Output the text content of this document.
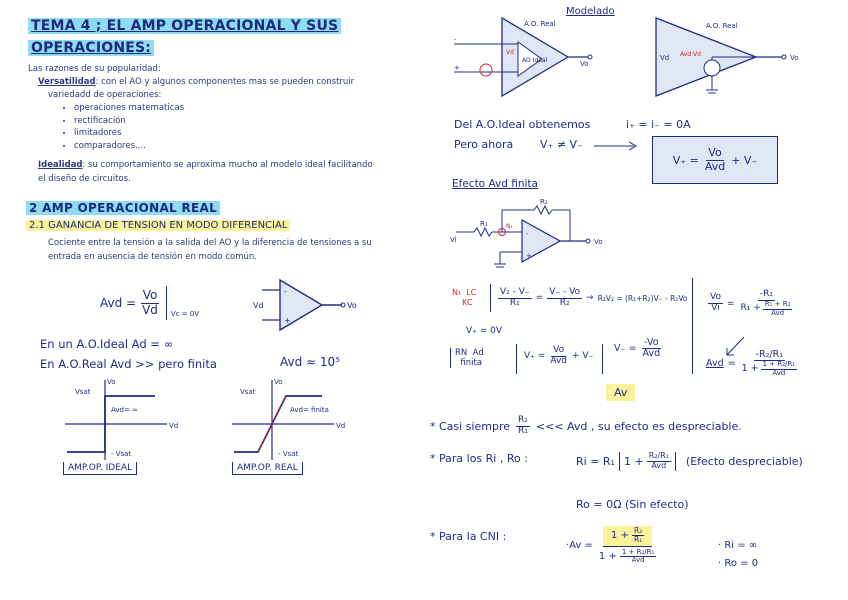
TEMA 4 ; EL AMP OPERACIONAL Y SUS
OPERACIONES:
Las razones de su popularidad:
Versatilidad: con el AO y algunos componentes mas se pueden construir
variedadd de operaciones:
• operaciones matematicas
• rectificación
• limitadores
• comparadores....
Idealidad: su comportamiento se aproxima mucho al modelo ideal facilitando
el diseño de circuitos.
2 AMP OPERACIONAL REAL
2.1 GANANCIA DE TENSION EN MODO DIFERENCIAL
Cociente entre la tensión a la salida del AO y la diferencia de tensiones a su
entrada en ausencia de tensión en modo común.
Avd = $\frac{Vo}{Vd}$ Vc = 0V
-
+
Vd	Vo
En un A.O.Ideal Ad = ∞
En A.O.Real Avd >> pero finita	Avd ≈ 10⁵
Vo
Vd
Vsat
- Vsat
Avd= ∞
AMP.OP. IDEAL
Vo
Vd
Vsat
- Vsat
Avd= finita
AMP.OP. REAL
Modelado
-
+
AO Ideal
A.O. Real
Vd
Vo
A.O. Real
Vd Avd·Vd	Vo
Del A.O.Ideal obtenemos	i₊ = i₋ = 0A
Pero ahora V₊ ≠ V₋
$V_+ = \frac{Vo}{\text{Avd}} + V_-$
Efecto Avd finita
-
+
R₁
R₂
Vi
N₁
Vo
N₁  LC
KC	$\frac{\text{V₂ - V₋}}{\text{R₁}} = \frac{V_- - Vo}{\text{R₂}} \to R_2V_2 = (R_1+R_2)V_- - R_1Vo$
V₊ = 0V
RN  Ad
finita
$V_+ = \frac{Vo}{\text{Avd}} + V_-$
$V_- = \frac{-Vo}{\text{Avd}}$
Av
$\frac{Vo}{Vi} = \frac{\text{-R₂}}{R_1 + \frac{\text{R₁ + R₂}}{\text{Avd}}}$
Avd = $\frac{\text{-R₂/R₁}}{1 + \frac{\text{1 + R₂/R₁}}{\text{Avd}}}$
* Casi siempre $\frac{\text{R₂}}{\text{R₁}}$ <<< Avd , su efecto es despreciable.
* Para los Ri , Ro :	Ri = R₁ $1 + \frac{\text{R₂/R₁}}{\text{Avd}}$ (Efecto despreciable)
Ro = 0Ω (Sin efecto)
* Para la CNI :
$\cdot Av = \frac{1 + \frac{\text{R₂}}{\text{R₁}}}{1 + \frac{\text{1 + R₂/R₁}}{\text{Avd}}}$	· Ri = ∞
· Ro = 0
